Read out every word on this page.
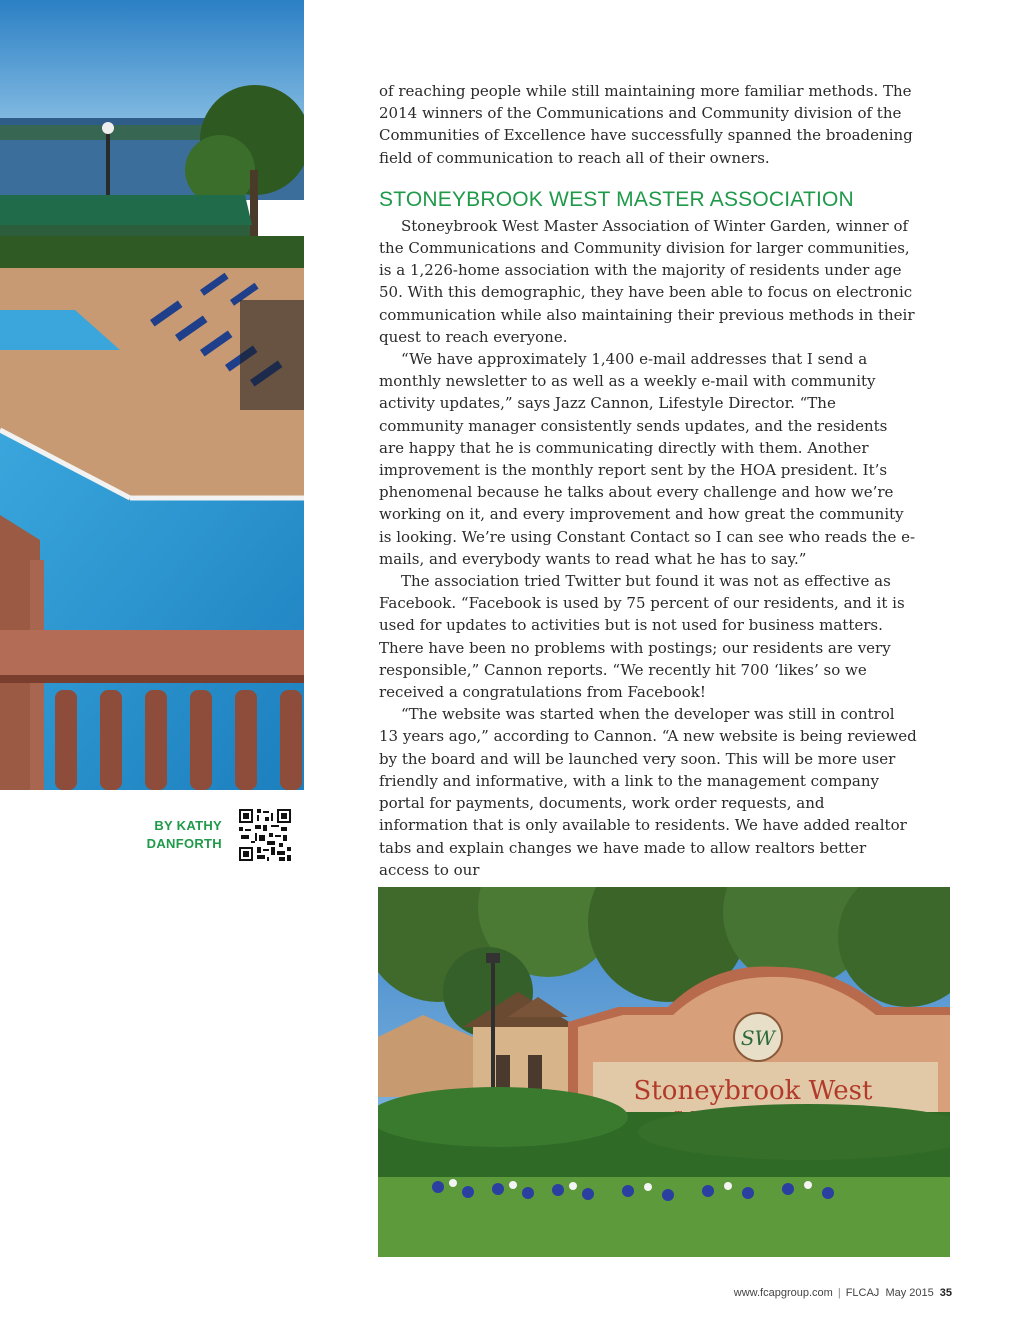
BY KATHY
DANFORTH

of reaching people while still maintaining more familiar methods. The 2014 winners of the Communications and Community division of the Communities of Excellence have successfully spanned the broadening field of communication to reach all of their owners.

STONEYBROOK WEST MASTER ASSOCIATION

Stoneybrook West Master Association of Winter Garden, winner of the Communications and Community division for larger communities, is a 1,226-home association with the majority of residents under age 50. With this demographic, they have been able to focus on electronic communication while also maintaining their previous methods in their quest to reach everyone.

“We have approximately 1,400 e-mail addresses that I send a monthly newsletter to as well as a weekly e-mail with community activity updates,” says Jazz Cannon, Lifestyle Director. “The community manager consistently sends updates, and the residents are happy that he is communicating directly with them. Another improvement is the monthly report sent by the HOA president. It’s phenomenal because he talks about every challenge and how we’re working on it, and every improvement and how great the community is looking. We’re using Constant Contact so I can see who reads the e-mails, and everybody wants to read what he has to say.”

The association tried Twitter but found it was not as effective as Facebook. “Facebook is used by 75 percent of our residents, and it is used for updates to activities but is not used for business matters. There have been no problems with postings; our residents are very responsible,” Cannon reports. “We recently hit 700 ‘likes’ so we received a congratulations from Facebook!

“The website was started when the developer was still in control 13 years ago,” according to Cannon. “A new website is being reviewed by the board and will be launched very soon. This will be more user friendly and informative, with a link to the management company portal for payments, documents, work order requests, and information that is only available to residents. We have added realtor tabs and explain changes we have made to allow realtors better access to our

SW
Stoneybrook West
www.fcapgroup.com | FLCAJ May 2015 35
